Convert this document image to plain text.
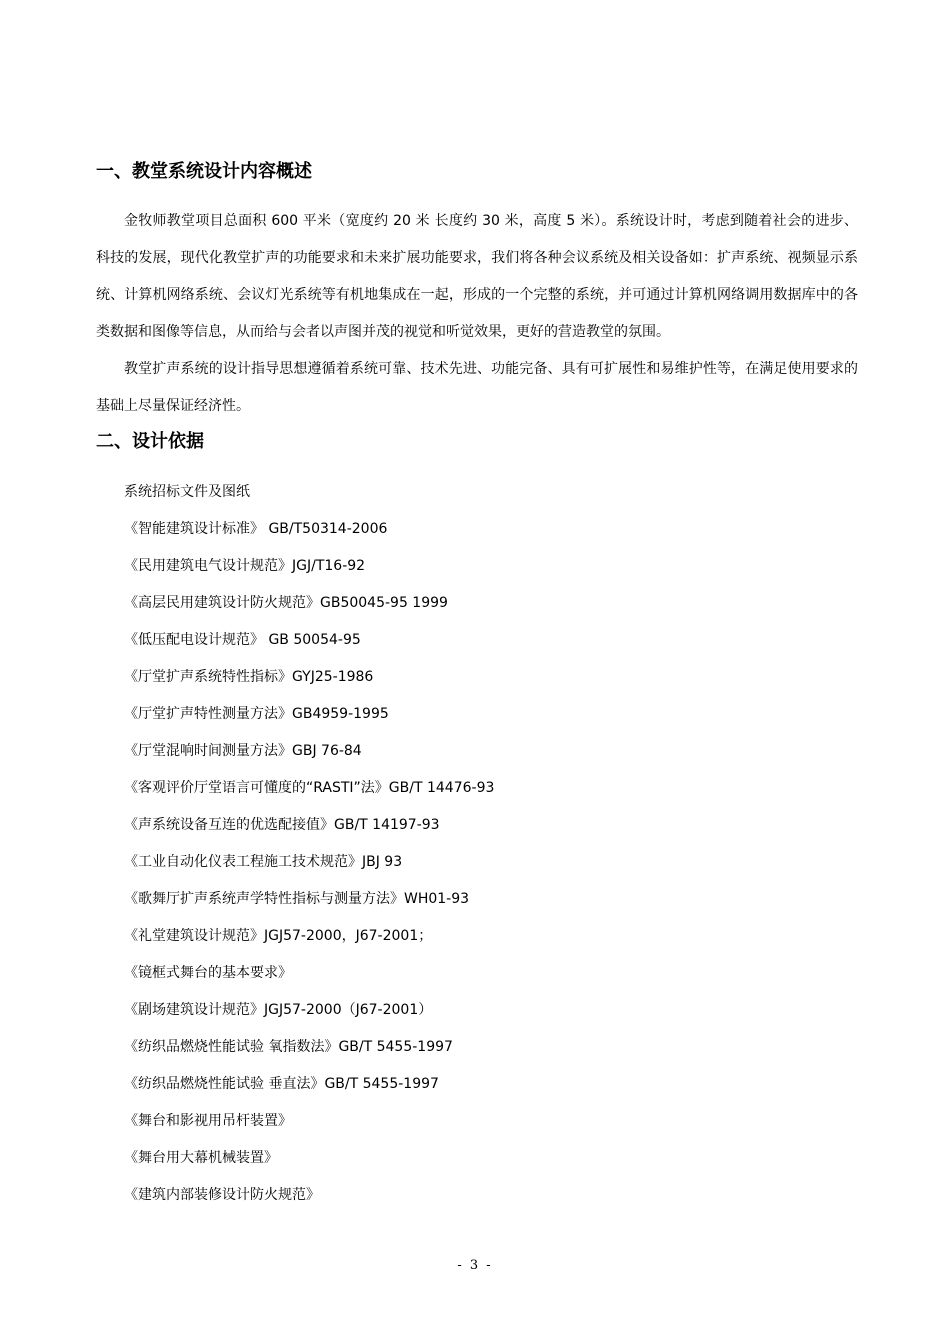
一、教堂系统设计内容概述

金牧师教堂项目总面积 600 平米（宽度约 20 米 长度约 30 米，高度 5 米）。系统设计时，考虑到随着社会的进步、科技的发展，现代化教堂扩声的功能要求和未来扩展功能要求，我们将各种会议系统及相关设备如：扩声系统、视频显示系统、计算机网络系统、会议灯光系统等有机地集成在一起，形成的一个完整的系统，并可通过计算机网络调用数据库中的各类数据和图像等信息，从而给与会者以声图并茂的视觉和听觉效果，更好的营造教堂的氛围。

教堂扩声系统的设计指导思想遵循着系统可靠、技术先进、功能完备、具有可扩展性和易维护性等，在满足使用要求的基础上尽量保证经济性。

二、设计依据
系统招标文件及图纸
《智能建筑设计标准》 GB/T50314-2006
《民用建筑电气设计规范》JGJ/T16-92
《高层民用建筑设计防火规范》GB50045-95 1999
《低压配电设计规范》 GB 50054-95
《厅堂扩声系统特性指标》GYJ25-1986
《厅堂扩声特性测量方法》GB4959-1995
《厅堂混响时间测量方法》GBJ 76-84
《客观评价厅堂语言可懂度的“RASTI”法》GB/T 14476-93
《声系统设备互连的优选配接值》GB/T 14197-93
《工业自动化仪表工程施工技术规范》JBJ 93
《歌舞厅扩声系统声学特性指标与测量方法》WH01-93
《礼堂建筑设计规范》JGJ57-2000，J67-2001；
《镜框式舞台的基本要求》
《剧场建筑设计规范》JGJ57-2000（J67-2001）
《纺织品燃烧性能试验 氧指数法》GB/T 5455-1997
《纺织品燃烧性能试验 垂直法》GB/T 5455-1997
《舞台和影视用吊杆装置》
《舞台用大幕机械装置》
《建筑内部装修设计防火规范》
- 3 -
